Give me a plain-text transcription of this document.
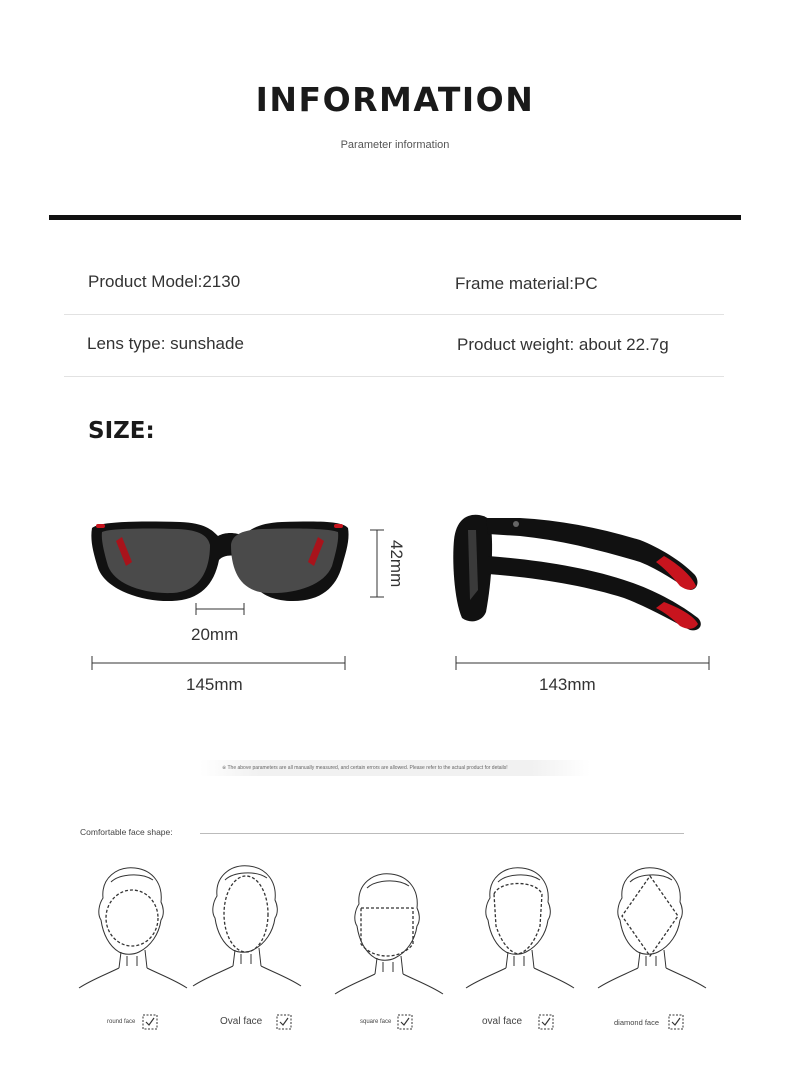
INFORMATION
Parameter information
Product Model:2130	Frame material:PC
Lens type: sunshade	Product weight: about 22.7g
SIZE:
20mm
145mm	143mm
42mm
※ The above parameters are all manually measured, and certain errors are allowed. Please refer to the actual product for details!
Comfortable face shape:
round face	Oval face	square face	oval face	diamond face
